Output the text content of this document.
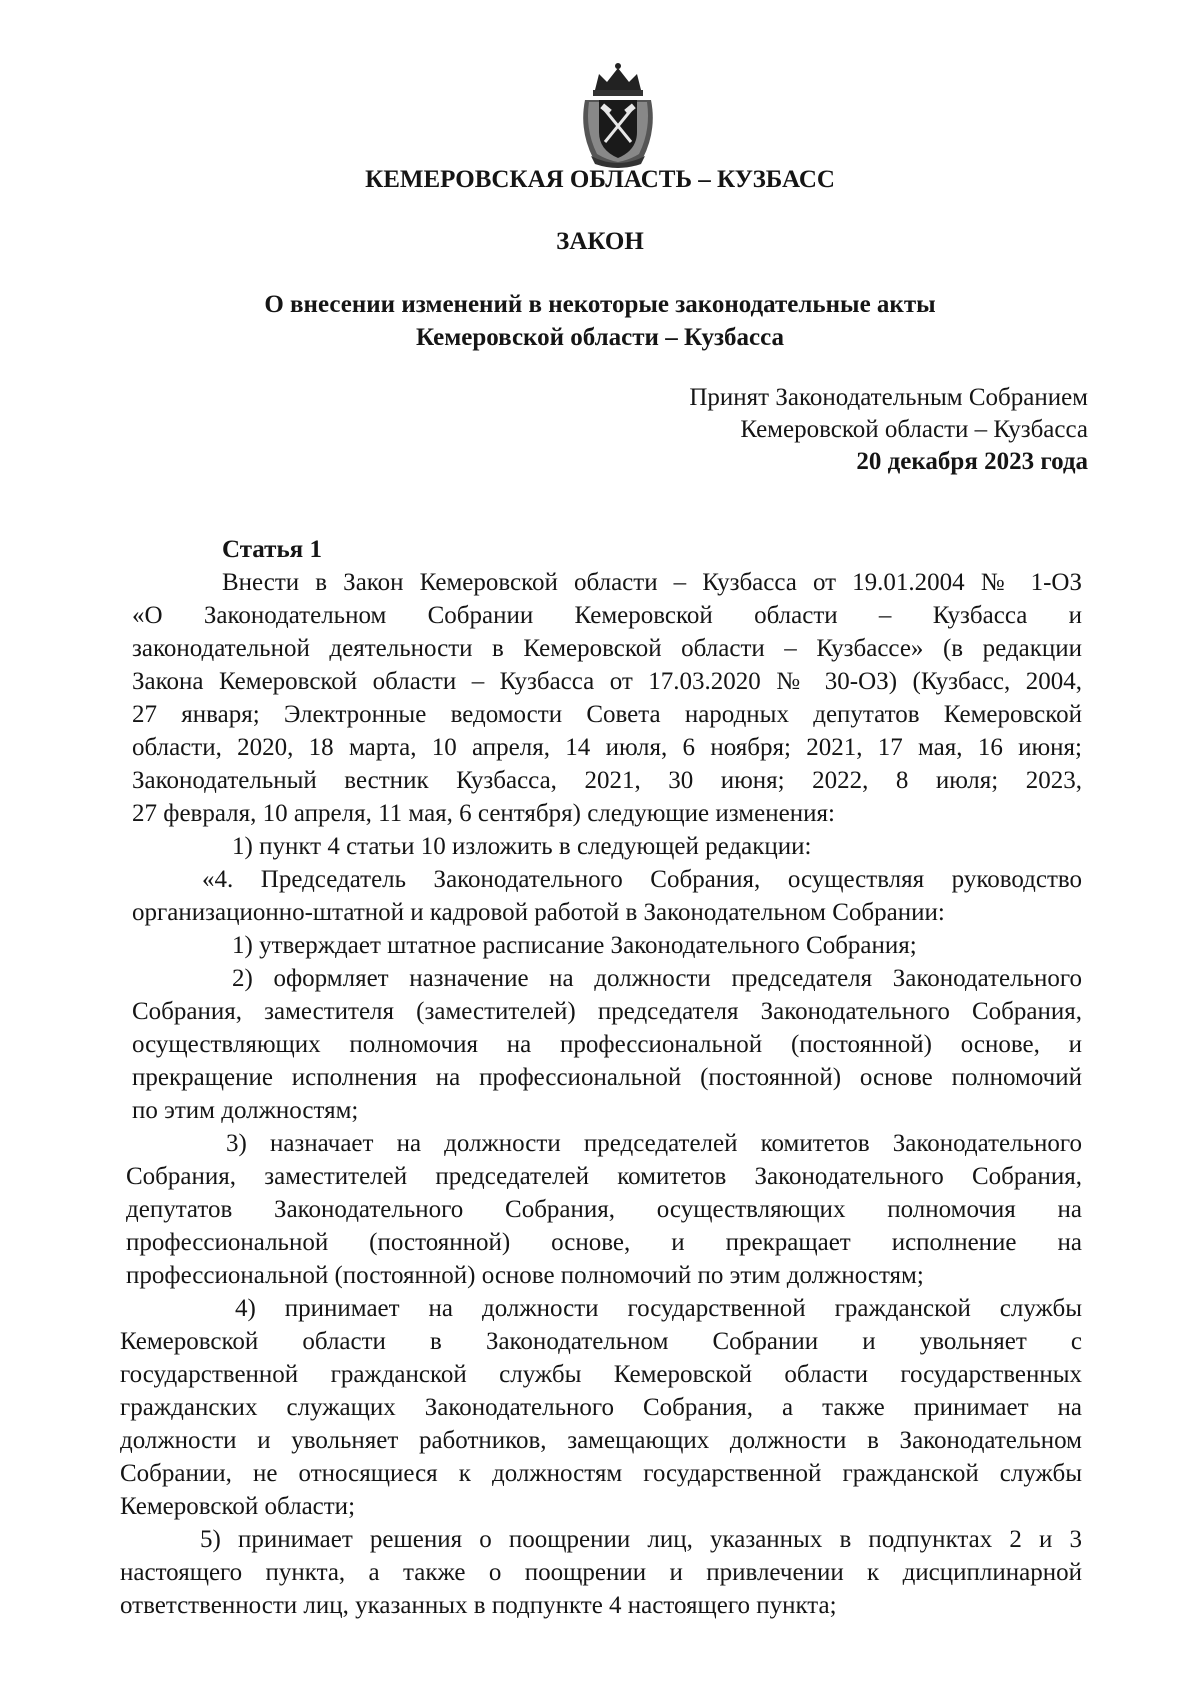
КЕМЕРОВСКАЯ ОБЛАСТЬ – КУЗБАСС
ЗАКОН
О внесении изменений в некоторые законодательные акты
Кемеровской области – Кузбасса
Принят Законодательным Собранием
Кемеровской области – Кузбасса
20 декабря 2023 года

Статья 1

Внести в Закон Кемеровской области – Кузбасса от 19.01.2004 № 1-ОЗ
«О Законодательном Собрании Кемеровской области – Кузбасса и
законодательной деятельности в Кемеровской области – Кузбассе» (в редакции
Закона Кемеровской области – Кузбасса от 17.03.2020 № 30-ОЗ) (Кузбасс, 2004,
27 января; Электронные ведомости Совета народных депутатов Кемеровской
области, 2020, 18 марта, 10 апреля, 14 июля, 6 ноября; 2021, 17 мая, 16 июня;
Законодательный вестник Кузбасса, 2021, 30 июня; 2022, 8 июля; 2023,
27 февраля, 10 апреля, 11 мая, 6 сентября) следующие изменения:
1) пункт 4 статьи 10 изложить в следующей редакции:
«4. Председатель Законодательного Собрания, осуществляя руководство
организационно-штатной и кадровой работой в Законодательном Собрании:
1) утверждает штатное расписание Законодательного Собрания;
2) оформляет назначение на должности председателя Законодательного
Собрания, заместителя (заместителей) председателя Законодательного Собрания,
осуществляющих полномочия на профессиональной (постоянной) основе, и
прекращение исполнения на профессиональной (постоянной) основе полномочий
по этим должностям;
3) назначает на должности председателей комитетов Законодательного
Собрания, заместителей председателей комитетов Законодательного Собрания,
депутатов Законодательного Собрания, осуществляющих полномочия на
профессиональной (постоянной) основе, и прекращает исполнение на
профессиональной (постоянной) основе полномочий по этим должностям;
4) принимает на должности государственной гражданской службы
Кемеровской области в Законодательном Собрании и увольняет с
государственной гражданской службы Кемеровской области государственных
гражданских служащих Законодательного Собрания, а также принимает на
должности и увольняет работников, замещающих должности в Законодательном
Собрании, не относящиеся к должностям государственной гражданской службы
Кемеровской области;
5) принимает решения о поощрении лиц, указанных в подпунктах 2 и 3
настоящего пункта, а также о поощрении и привлечении к дисциплинарной
ответственности лиц, указанных в подпункте 4 настоящего пункта;
